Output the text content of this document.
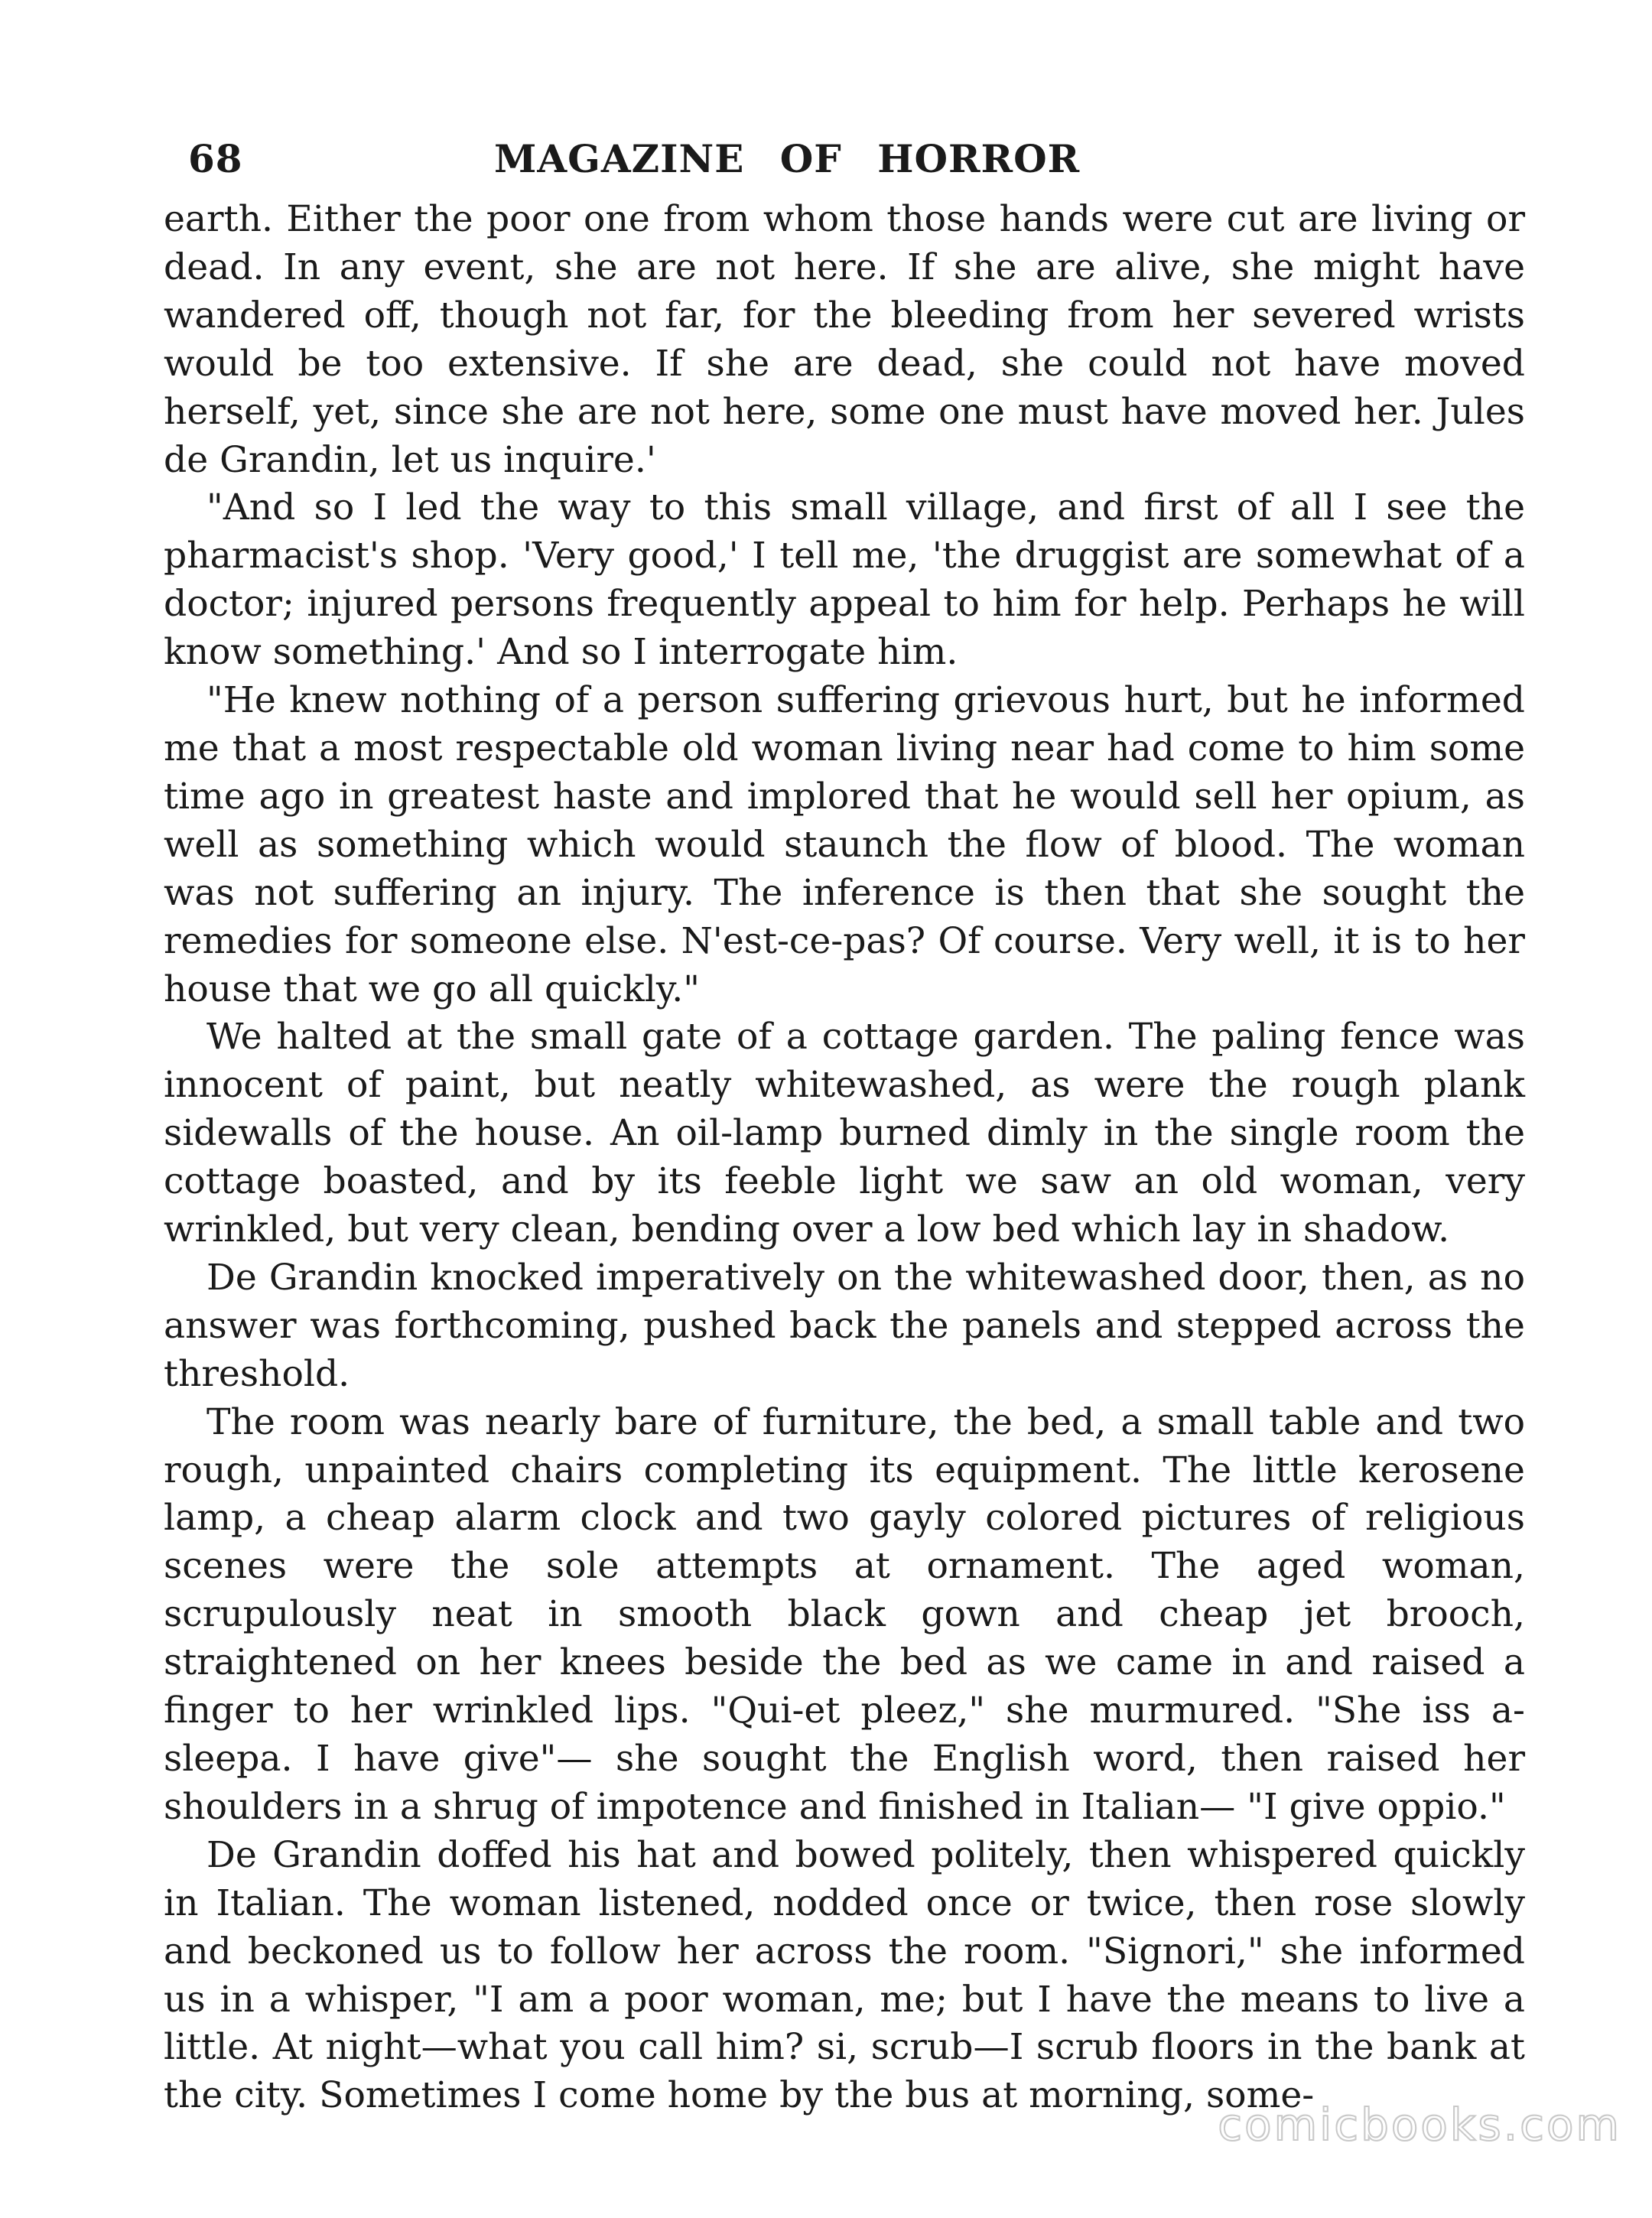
68	MAGAZINE OF HORROR

earth. Either the poor one from whom those hands were cut are living or dead. In any event, she are not here. If she are alive, she might have wandered off, though not far, for the bleeding from her severed wrists would be too extensive. If she are dead, she could not have moved herself, yet, since she are not here, some one must have moved her. Jules de Grandin, let us inquire.'

"And so I led the way to this small village, and first of all I see the pharmacist's shop. 'Very good,' I tell me, 'the druggist are somewhat of a doctor; injured persons frequently appeal to him for help. Perhaps he will know something.' And so I interrogate him.

"He knew nothing of a person suffering grievous hurt, but he informed me that a most respectable old woman living near had come to him some time ago in greatest haste and implored that he would sell her opium, as well as something which would staunch the flow of blood. The woman was not suffering an injury. The inference is then that she sought the remedies for someone else. N'est-ce-pas? Of course. Very well, it is to her house that we go all quickly."

We halted at the small gate of a cottage garden. The paling fence was innocent of paint, but neatly whitewashed, as were the rough plank sidewalls of the house. An oil-lamp burned dimly in the single room the cottage boasted, and by its feeble light we saw an old woman, very wrinkled, but very clean, bending over a low bed which lay in shadow.

De Grandin knocked imperatively on the whitewashed door, then, as no answer was forthcoming, pushed back the panels and stepped across the threshold.

The room was nearly bare of furniture, the bed, a small table and two rough, unpainted chairs completing its equipment. The little kerosene lamp, a cheap alarm clock and two gayly colored pictures of religious scenes were the sole attempts at ornament. The aged woman, scrupulously neat in smooth black gown and cheap jet brooch, straightened on her knees beside the bed as we came in and raised a finger to her wrinkled lips. "Qui-et pleez," she murmured. "She iss a-sleepa. I have give"— she sought the English word, then raised her shoulders in a shrug of impotence and finished in Italian— "I give oppio."

De Grandin doffed his hat and bowed politely, then whispered quickly in Italian. The woman listened, nodded once or twice, then rose slowly and beckoned us to follow her across the room. "Signori," she informed us in a whisper, "I am a poor woman, me; but I have the means to live a little. At night—what you call him? si, scrub—I scrub floors in the bank at the city. Sometimes I come home by the bus at morning, some-

comicbooks.com
